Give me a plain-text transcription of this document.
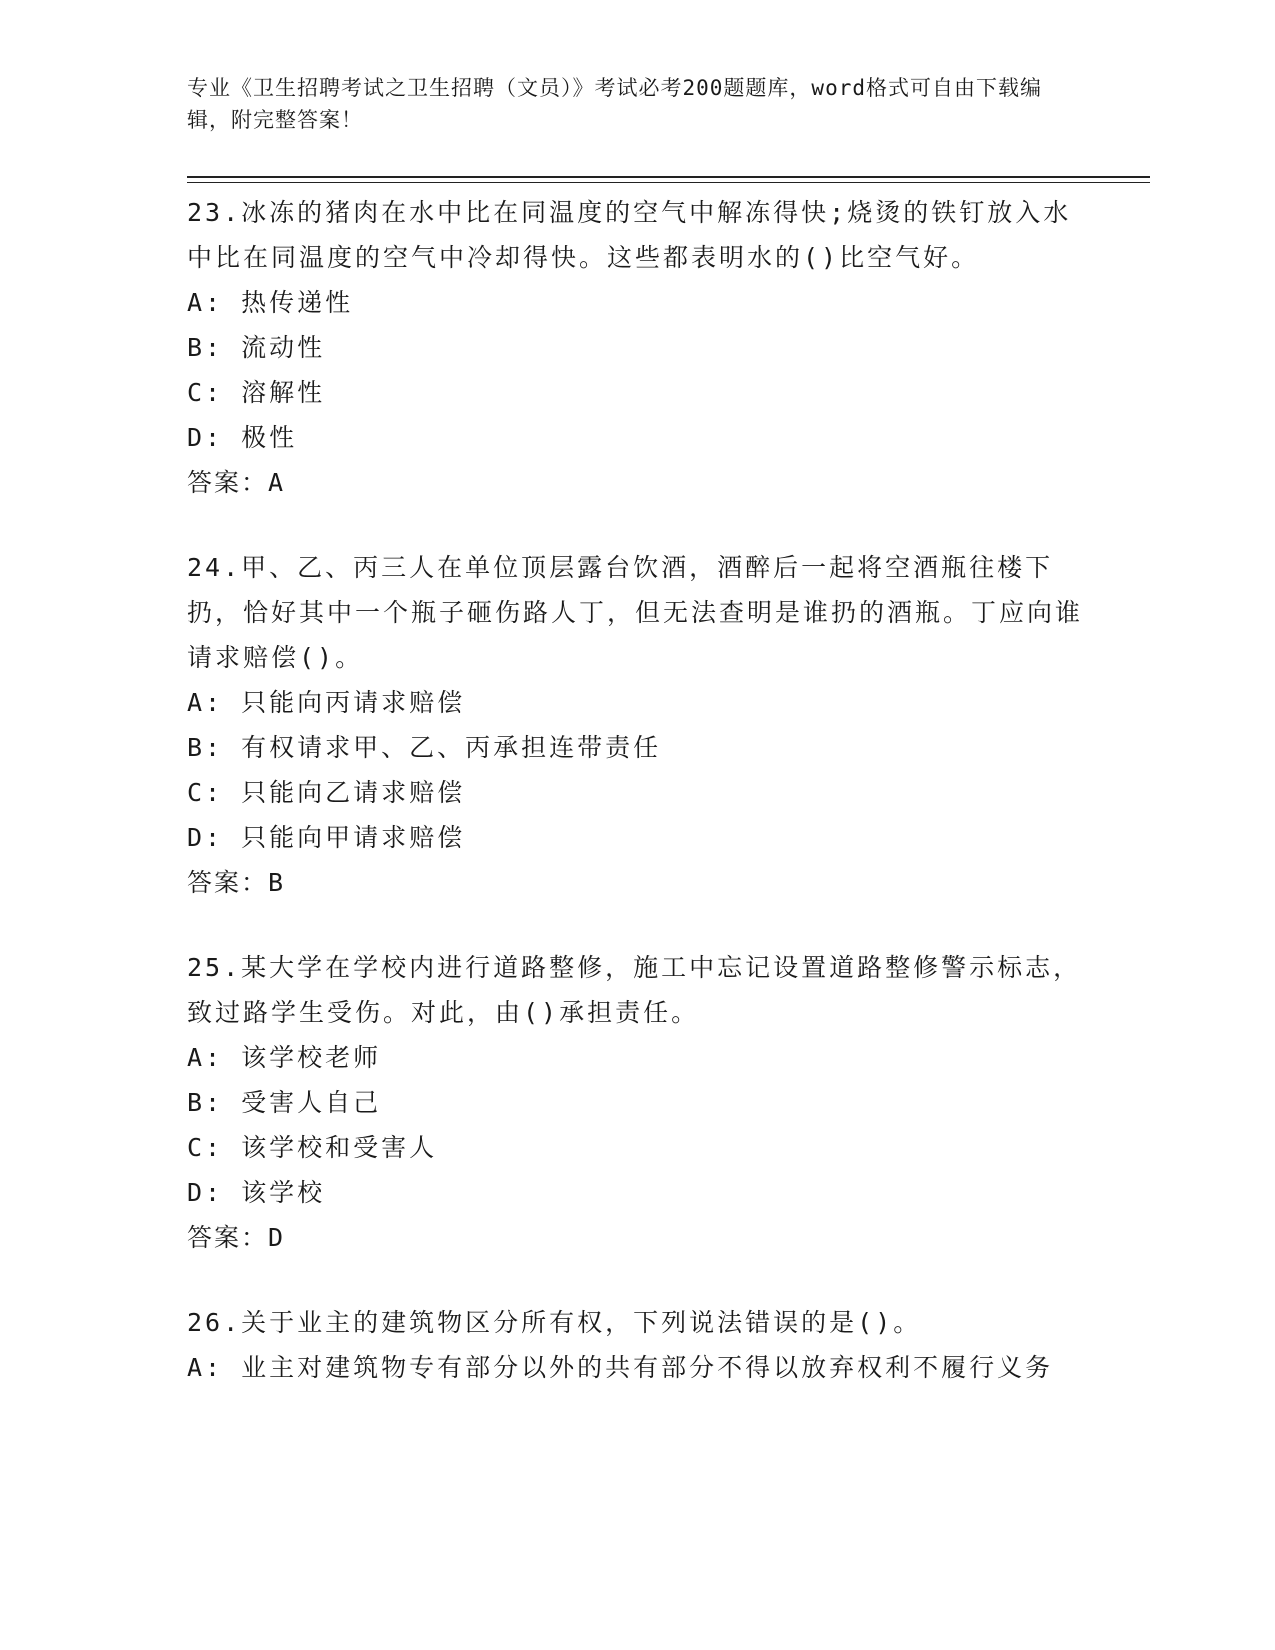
专业《卫生招聘考试之卫生招聘（文员）》考试必考200题题库，word格式可自由下载编辑，附完整答案！

23.冰冻的猪肉在水中比在同温度的空气中解冻得快;烧烫的铁钉放入水中比在同温度的空气中冷却得快。这些都表明水的()比空气好。

A: 热传递性

B: 流动性

C: 溶解性

D: 极性

答案：A

24.甲、乙、丙三人在单位顶层露台饮酒，酒醉后一起将空酒瓶往楼下扔，恰好其中一个瓶子砸伤路人丁，但无法查明是谁扔的酒瓶。丁应向谁请求赔偿()。

A: 只能向丙请求赔偿

B: 有权请求甲、乙、丙承担连带责任

C: 只能向乙请求赔偿

D: 只能向甲请求赔偿

答案：B

25.某大学在学校内进行道路整修，施工中忘记设置道路整修警示标志，致过路学生受伤。对此，由()承担责任。

A: 该学校老师

B: 受害人自己

C: 该学校和受害人

D: 该学校

答案：D

26.关于业主的建筑物区分所有权，下列说法错误的是()。

A: 业主对建筑物专有部分以外的共有部分不得以放弃权利不履行义务
